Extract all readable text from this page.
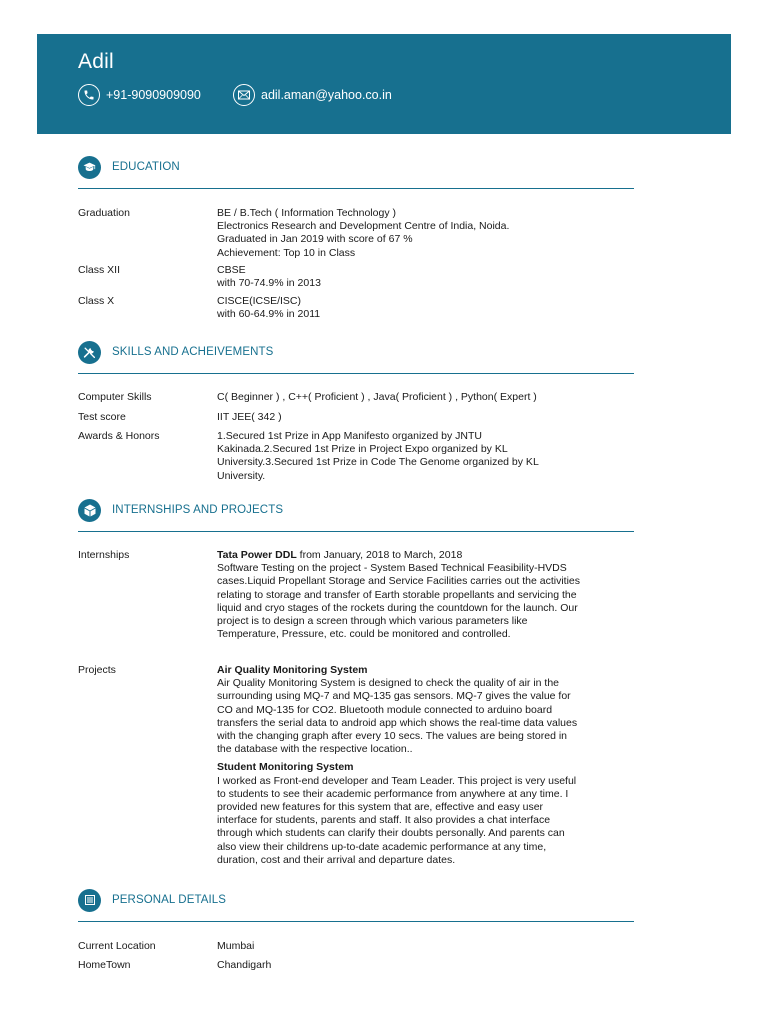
Adil
+91-9090909090	adil.aman@yahoo.co.in
EDUCATION
Graduation	BE / B.Tech ( Information Technology )
Electronics Research and Development Centre of India, Noida.
Graduated in Jan 2019 with score of 67 %
Achievement: Top 10 in Class
Class XII	CBSE
with 70-74.9% in 2013
Class X	CISCE(ICSE/ISC)
with 60-64.9% in 2011
SKILLS AND ACHEIVEMENTS
Computer Skills	C( Beginner ) , C++( Proficient ) , Java( Proficient ) , Python( Expert )
Test score	IIT JEE( 342 )
Awards & Honors	1.Secured 1st Prize in App Manifesto organized by JNTU Kakinada.2.Secured 1st Prize in Project Expo organized by KL University.3.Secured 1st Prize in Code The Genome organized by KL University.
INTERNSHIPS AND PROJECTS
Internships	Tata Power DDL from January, 2018 to March, 2018
Software Testing on the project - System Based Technical Feasibility-HVDS cases.Liquid Propellant Storage and Service Facilities carries out the activities relating to storage and transfer of Earth storable propellants and servicing the liquid and cryo stages of the rockets during the countdown for the launch. Our project is to design a screen through which various parameters like Temperature, Pressure, etc. could be monitored and controlled.
Projects	Air Quality Monitoring System
Air Quality Monitoring System is designed to check the quality of air in the surrounding using MQ-7 and MQ-135 gas sensors. MQ-7 gives the value for CO and MQ-135 for CO2. Bluetooth module connected to arduino board transfers the serial data to android app which shows the real-time data values with the changing graph after every 10 secs. The values are being stored in the database with the respective location..
Student Monitoring System
I worked as Front-end developer and Team Leader. This project is very useful to students to see their academic performance from anywhere at any time. I provided new features for this system that are, effective and easy user interface for students, parents and staff. It also provides a chat interface through which students can clarify their doubts personally. And parents can also view their childrens up-to-date academic performance at any time, duration, cost and their arrival and departure dates.
PERSONAL DETAILS
Current Location	Mumbai
HomeTown	Chandigarh
